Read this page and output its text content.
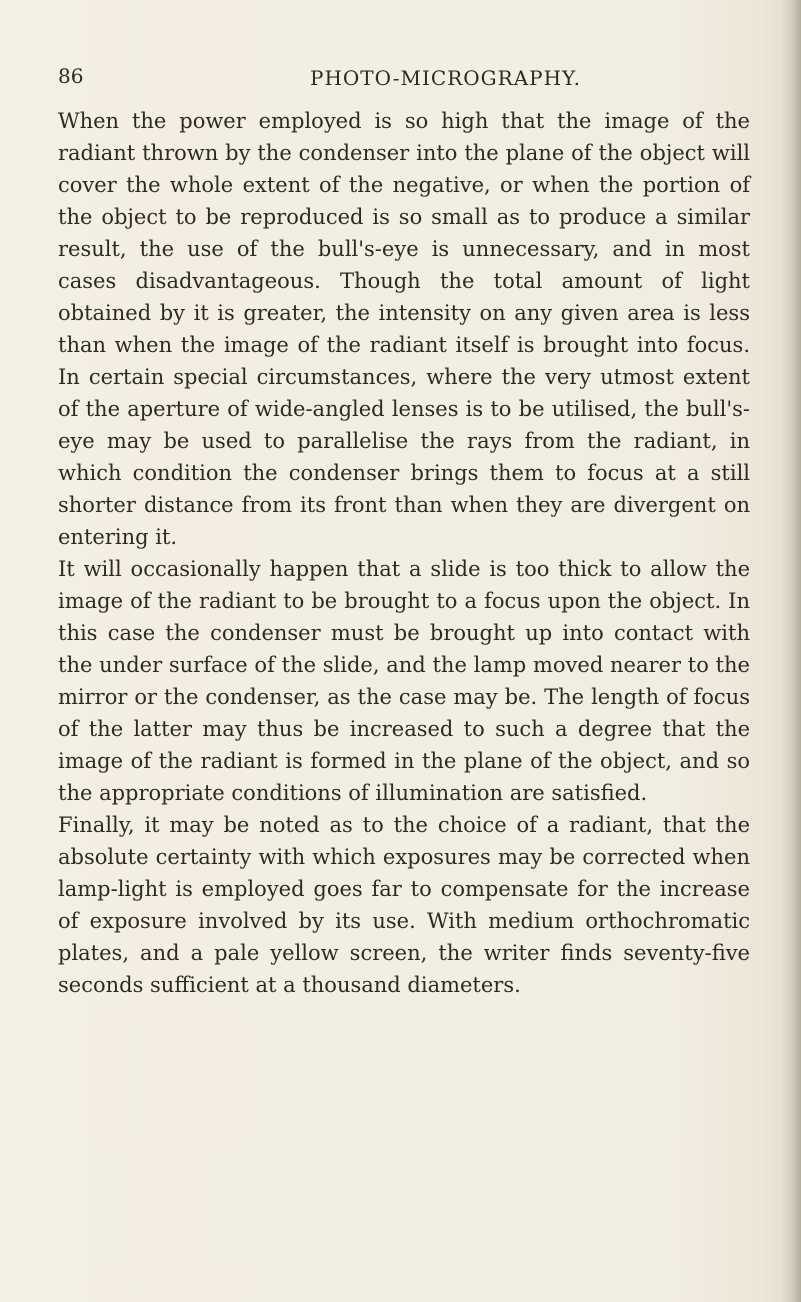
86	PHOTO-MICROGRAPHY.

When the power employed is so high that the image of the radiant thrown by the condenser into the plane of the object will cover the whole extent of the negative, or when the portion of the object to be reproduced is so small as to produce a similar result, the use of the bull's-eye is unnecessary, and in most cases disadvantageous. Though the total amount of light obtained by it is greater, the intensity on any given area is less than when the image of the radiant itself is brought into focus. In certain special circumstances, where the very utmost extent of the aperture of wide-angled lenses is to be utilised, the bull's-eye may be used to parallelise the rays from the radiant, in which condition the condenser brings them to focus at a still shorter distance from its front than when they are divergent on entering it.

It will occasionally happen that a slide is too thick to allow the image of the radiant to be brought to a focus upon the object. In this case the condenser must be brought up into contact with the under surface of the slide, and the lamp moved nearer to the mirror or the condenser, as the case may be. The length of focus of the latter may thus be increased to such a degree that the image of the radiant is formed in the plane of the object, and so the appropriate conditions of illumination are satisfied.

Finally, it may be noted as to the choice of a radiant, that the absolute certainty with which exposures may be corrected when lamp-light is employed goes far to compensate for the increase of exposure involved by its use. With medium orthochromatic plates, and a pale yellow screen, the writer finds seventy-five seconds sufficient at a thousand diameters.
